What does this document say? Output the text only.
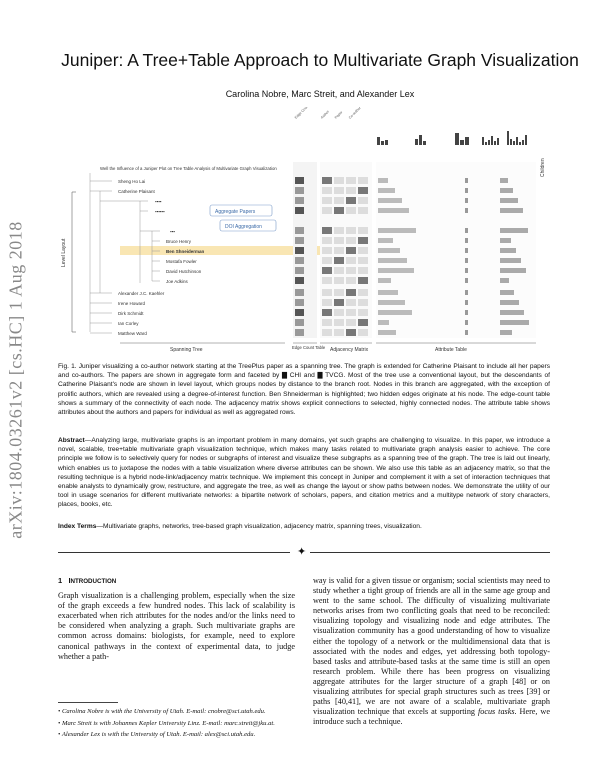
arXiv:1804.03261v2 [cs.HC] 1 Aug 2018
Juniper: A Tree+Table Approach to Multivariate Graph Visualization
Carolina Nobre, Marc Streit, and Alexander Lex
Level Layout
Children
Well the Influence of a Juniper Plot on Tree Table Analysis of Multivariate Graph Visualization
Sheng Ho Lai
Catherine Plaisant
▪▪▪▪
▪▪▪▪▪▪
▪▪▪
Bruce Henry
Ben Shneiderman
Mostafa Fowler
David Hutchinson
Joe Adkins
Alexander J.C. Kaehler
Irene Howard
Dirk Schmidt
Ian Corley
Matthew Ward
Aggregate Papers
DOI Aggregation
Edge Count	Author Paper Co-author
Spanning Tree	Edge Count Table Adjacency Matrix	Attribute Table
Fig. 1. Juniper visualizing a co-author network starting at the TreePlus paper as a spanning tree. The graph is extended for Catherine Plaisant to include all her papers and co-authors. The papers are shown in aggregate form and faceted by ▇ CHI and ▇ TVCG. Most of the tree use a conventional layout, but the descendants of Catherine Plaisant's node are shown in level layout, which groups nodes by distance to the branch root. Nodes in this branch are aggregated, with the exception of prolific authors, which are revealed using a degree-of-interest function. Ben Shneiderman is highlighted; two hidden edges originate at his node. The edge-count table shows a summary of the connectivity of each node. The adjacency matrix shows explicit connections to selected, highly connected nodes. The attribute table shows attributes about the authors and papers for individual as well as aggregated rows.
Abstract—Analyzing large, multivariate graphs is an important problem in many domains, yet such graphs are challenging to visualize. In this paper, we introduce a novel, scalable, tree+table multivariate graph visualization technique, which makes many tasks related to multivariate graph analysis easier to achieve. The core principle we follow is to selectively query for nodes or subgraphs of interest and visualize these subgraphs as a spanning tree of the graph. The tree is laid out linearly, which enables us to juxtapose the nodes with a table visualization where diverse attributes can be shown. We also use this table as an adjacency matrix, so that the resulting technique is a hybrid node-link/adjacency matrix technique. We implement this concept in Juniper and complement it with a set of interaction techniques that enable analysts to dynamically grow, restructure, and aggregate the tree, as well as change the layout or show paths between nodes. We demonstrate the utility of our tool in usage scenarios for different multivariate networks: a bipartite network of scholars, papers, and citation metrics and a multitype network of story characters, places, books, etc.
Index Terms—Multivariate graphs, networks, tree-based graph visualization, adjacency matrix, spanning trees, visualization.
✦
1 INTRODUCTION
Graph visualization is a challenging problem, especially when the size of the graph exceeds a few hundred nodes. This lack of scalability is exacerbated when rich attributes for the nodes and/or the links need to be considered when analyzing a graph. Such multivariate graphs are common across domains: biologists, for example, need to explore canonical pathways in the context of experimental data, to judge whether a path-
• Carolina Nobre is with the University of Utah. E-mail: cnobre@sci.utah.edu.
• Marc Streit is with Johannes Kepler University Linz. E-mail: marc.streit@jku.at.
• Alexander Lex is with the University of Utah. E-mail: alex@sci.utah.edu.
way is valid for a given tissue or organism; social scientists may need to study whether a tight group of friends are all in the same age group and went to the same school. The difficulty of visualizing multivariate networks arises from two conflicting goals that need to be reconciled: visualizing topology and visualizing node and edge attributes. The visualization community has a good understanding of how to visualize either the topology of a network or the multidimensional data that is associated with the nodes and edges, yet addressing both topology-based tasks and attribute-based tasks at the same time is still an open research problem. While there has been progress on visualizing aggregate attributes for the larger structure of a graph [48] or on visualizing attributes for special graph structures such as trees [39] or paths [40,41], we are not aware of a scalable, multivariate graph visualization technique that excels at supporting focus tasks. Here, we introduce such a technique.
